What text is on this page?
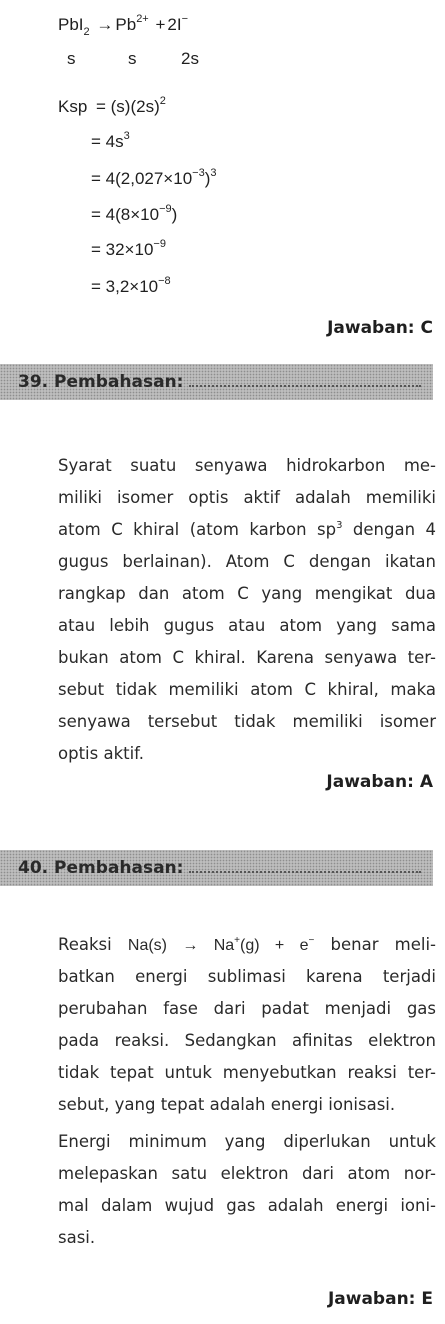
$PbI_2 \to Pb^{2+} + 2I^-$
s	s	2s
Ksp = $(s)(2s)^2$
= $4s^3$
= $4(2,027\times 10^{-3})^3$
= $4(8\times 10^{-9})$
= $32\times 10^{-9}$
= $3,2\times 10^{-8}$
Jawaban: C
39. Pembahasan:
Syarat suatu senyawa hidrokarbon me-
miliki isomer optis aktif adalah memiliki
atom C khiral (atom karbon $sp^3$ dengan 4
gugus berlainan). Atom C dengan ikatan
rangkap dan atom C yang mengikat dua
atau lebih gugus atau atom yang sama
bukan atom C khiral. Karena senyawa ter-
sebut tidak memiliki atom C khiral, maka
senyawa tersebut tidak memiliki isomer
optis aktif.
Jawaban: A
40. Pembahasan:
Reaksi Na(s) → Na+(g) + e− benar meli-
batkan energi sublimasi karena terjadi
perubahan fase dari padat menjadi gas
pada reaksi. Sedangkan afinitas elektron
tidak tepat untuk menyebutkan reaksi ter-
sebut, yang tepat adalah energi ionisasi.
Energi minimum yang diperlukan untuk
melepaskan satu elektron dari atom nor-
mal dalam wujud gas adalah energi ioni-
sasi.
Jawaban: E
